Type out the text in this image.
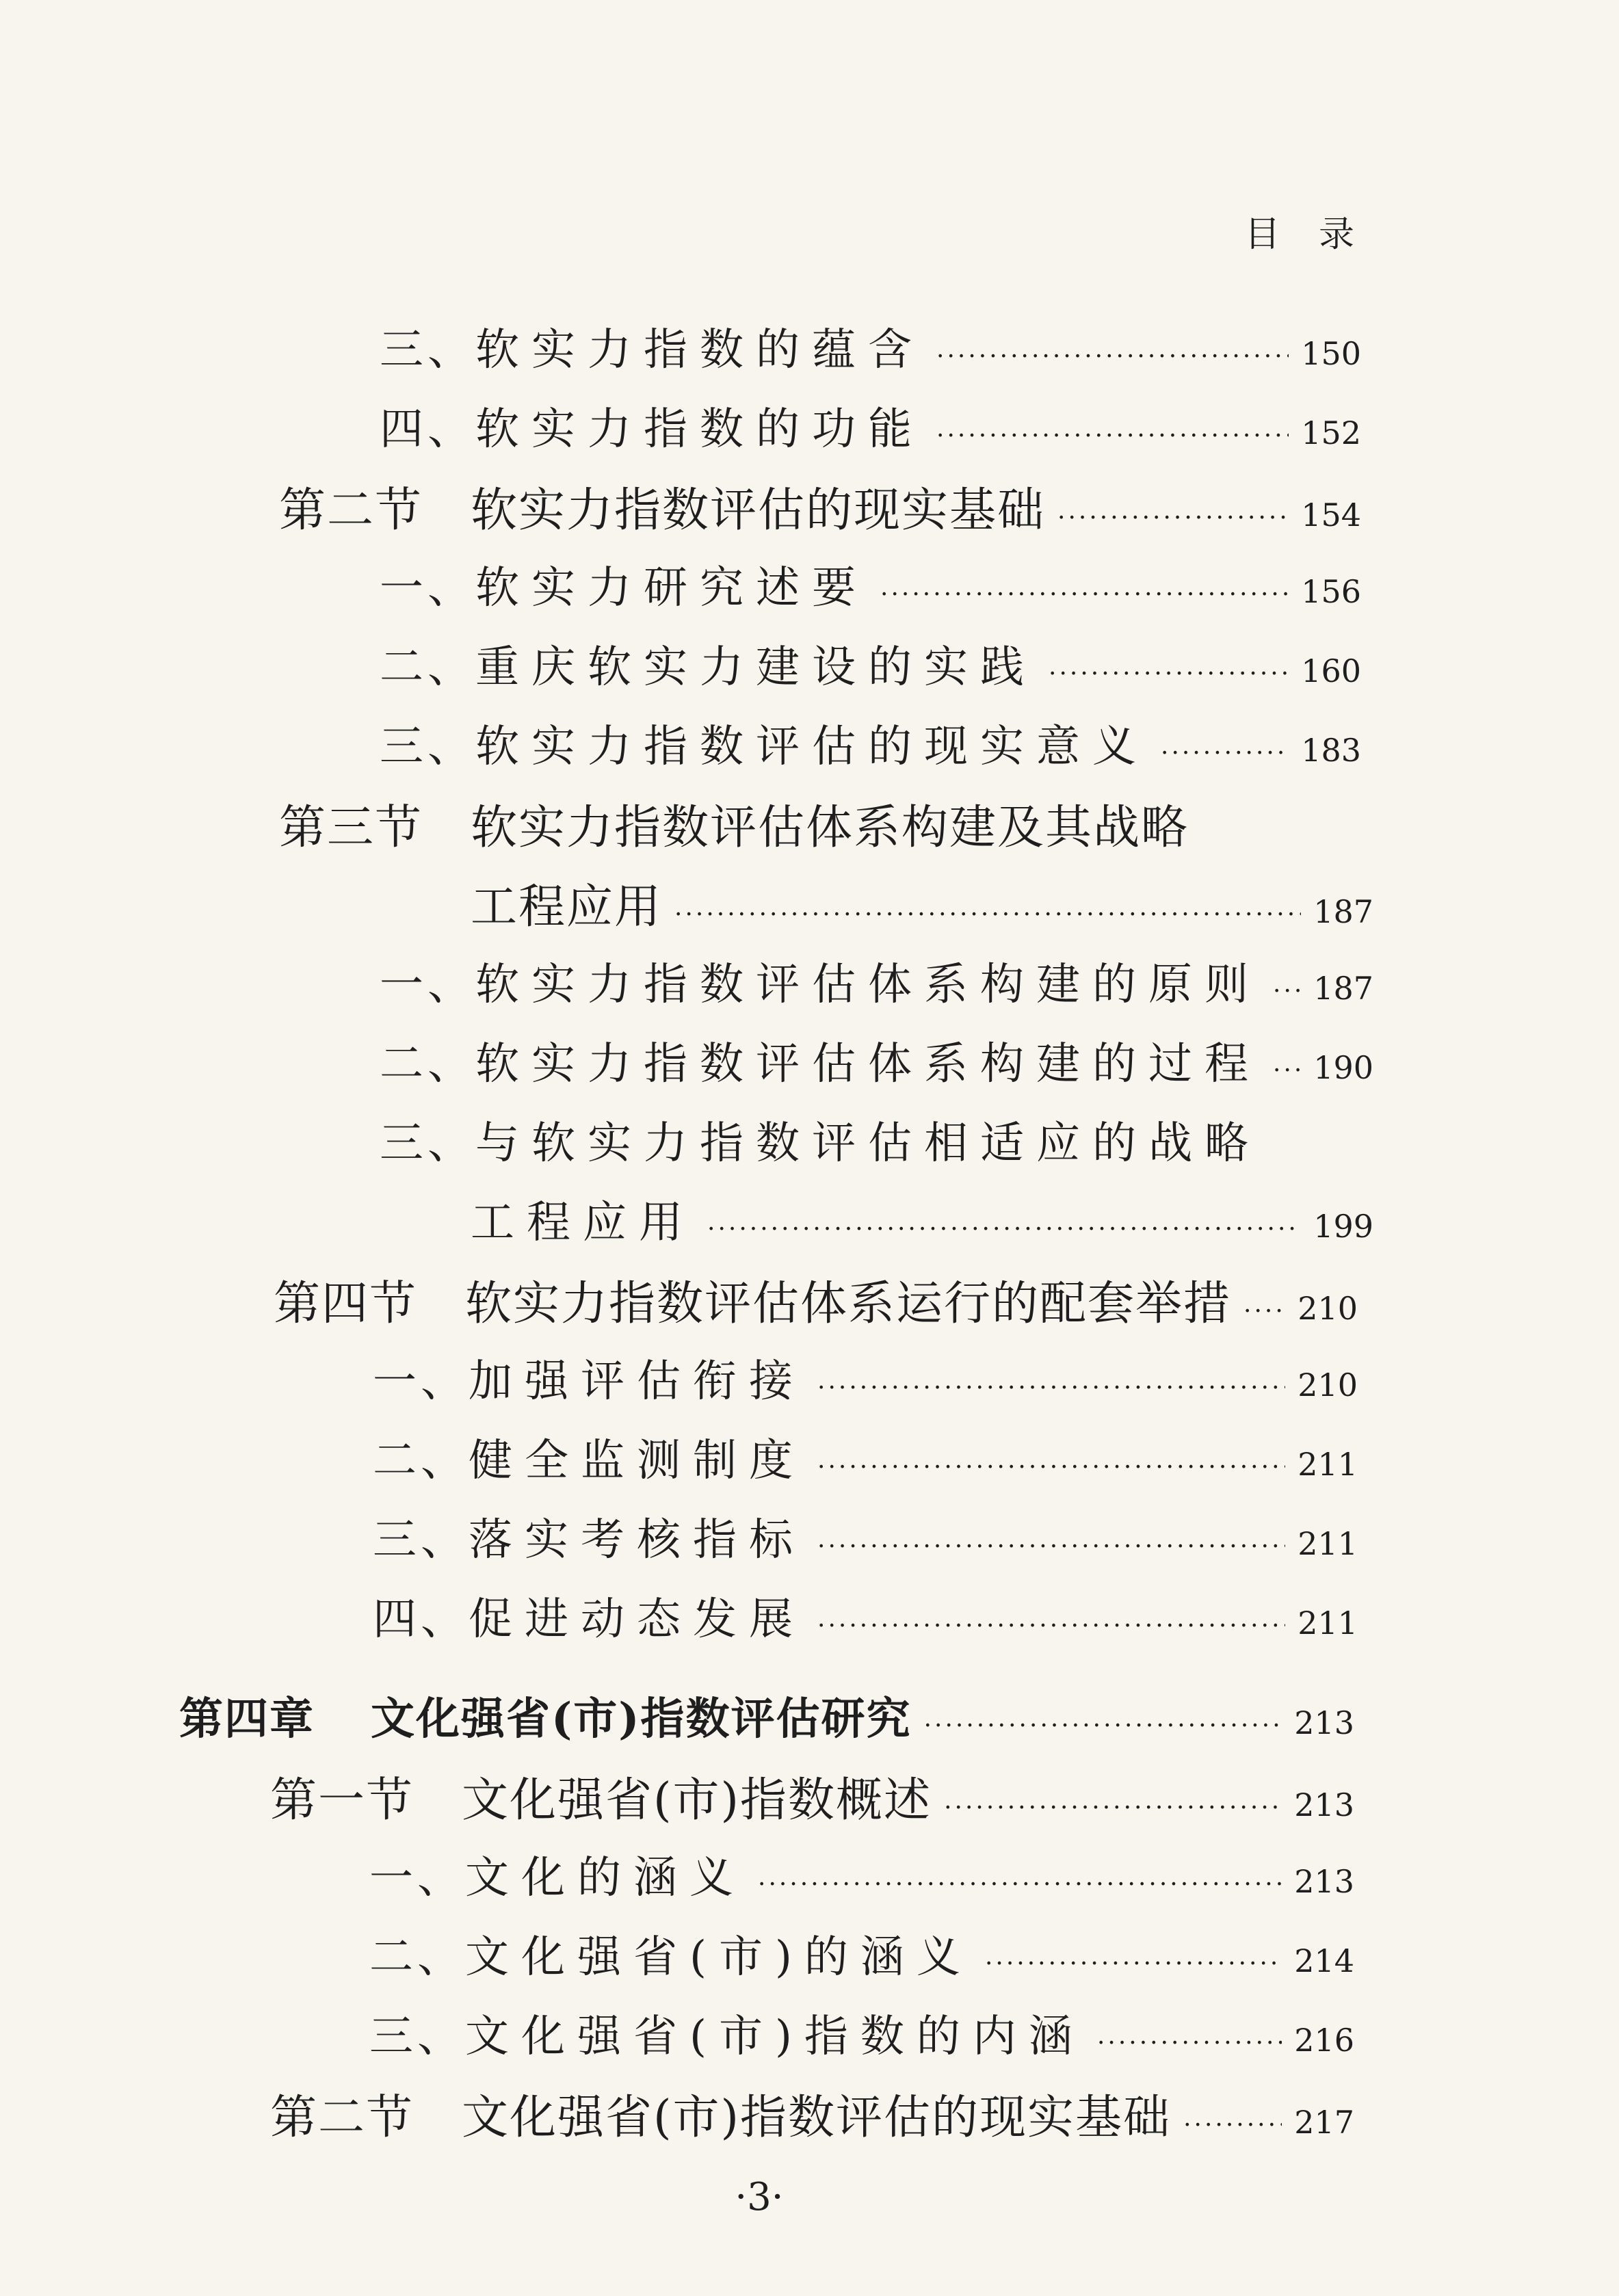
目 录
三、 软实力指数的蕴含 ·····	150
四、 软实力指数的功能 ·····	152
第二节	软实力指数评估的现实基础 ·····	154
一、 软实力研究述要 ·····	156
二、 重庆软实力建设的实践 ·····	160
三、 软实力指数评估的现实意义 ·····	183
第三节	软实力指数评估体系构建及其战略
工程应用 ·····	187
一、 软实力指数评估体系构建的原则 ····· 187
二、 软实力指数评估体系构建的过程 ····· 190
三、 与软实力指数评估相适应的战略
工程应用 ·····	199
第四节	软实力指数评估体系运行的配套举措 ····· 210
一、 加强评估衔接 ·····	210
二、 健全监测制度 ·····	211
三、 落实考核指标 ·····	211
四、 促进动态发展 ·····	211
第四章	文化强省(市)指数评估研究 ·····	213
第一节	文化强省(市)指数概述 ·····	213
一、 文化的涵义 ·····	213
二、 文化强省(市)的涵义 ·····	214
三、 文化强省(市)指数的内涵 ·····	216
第二节	文化强省(市)指数评估的现实基础 ·····	217
·3·
